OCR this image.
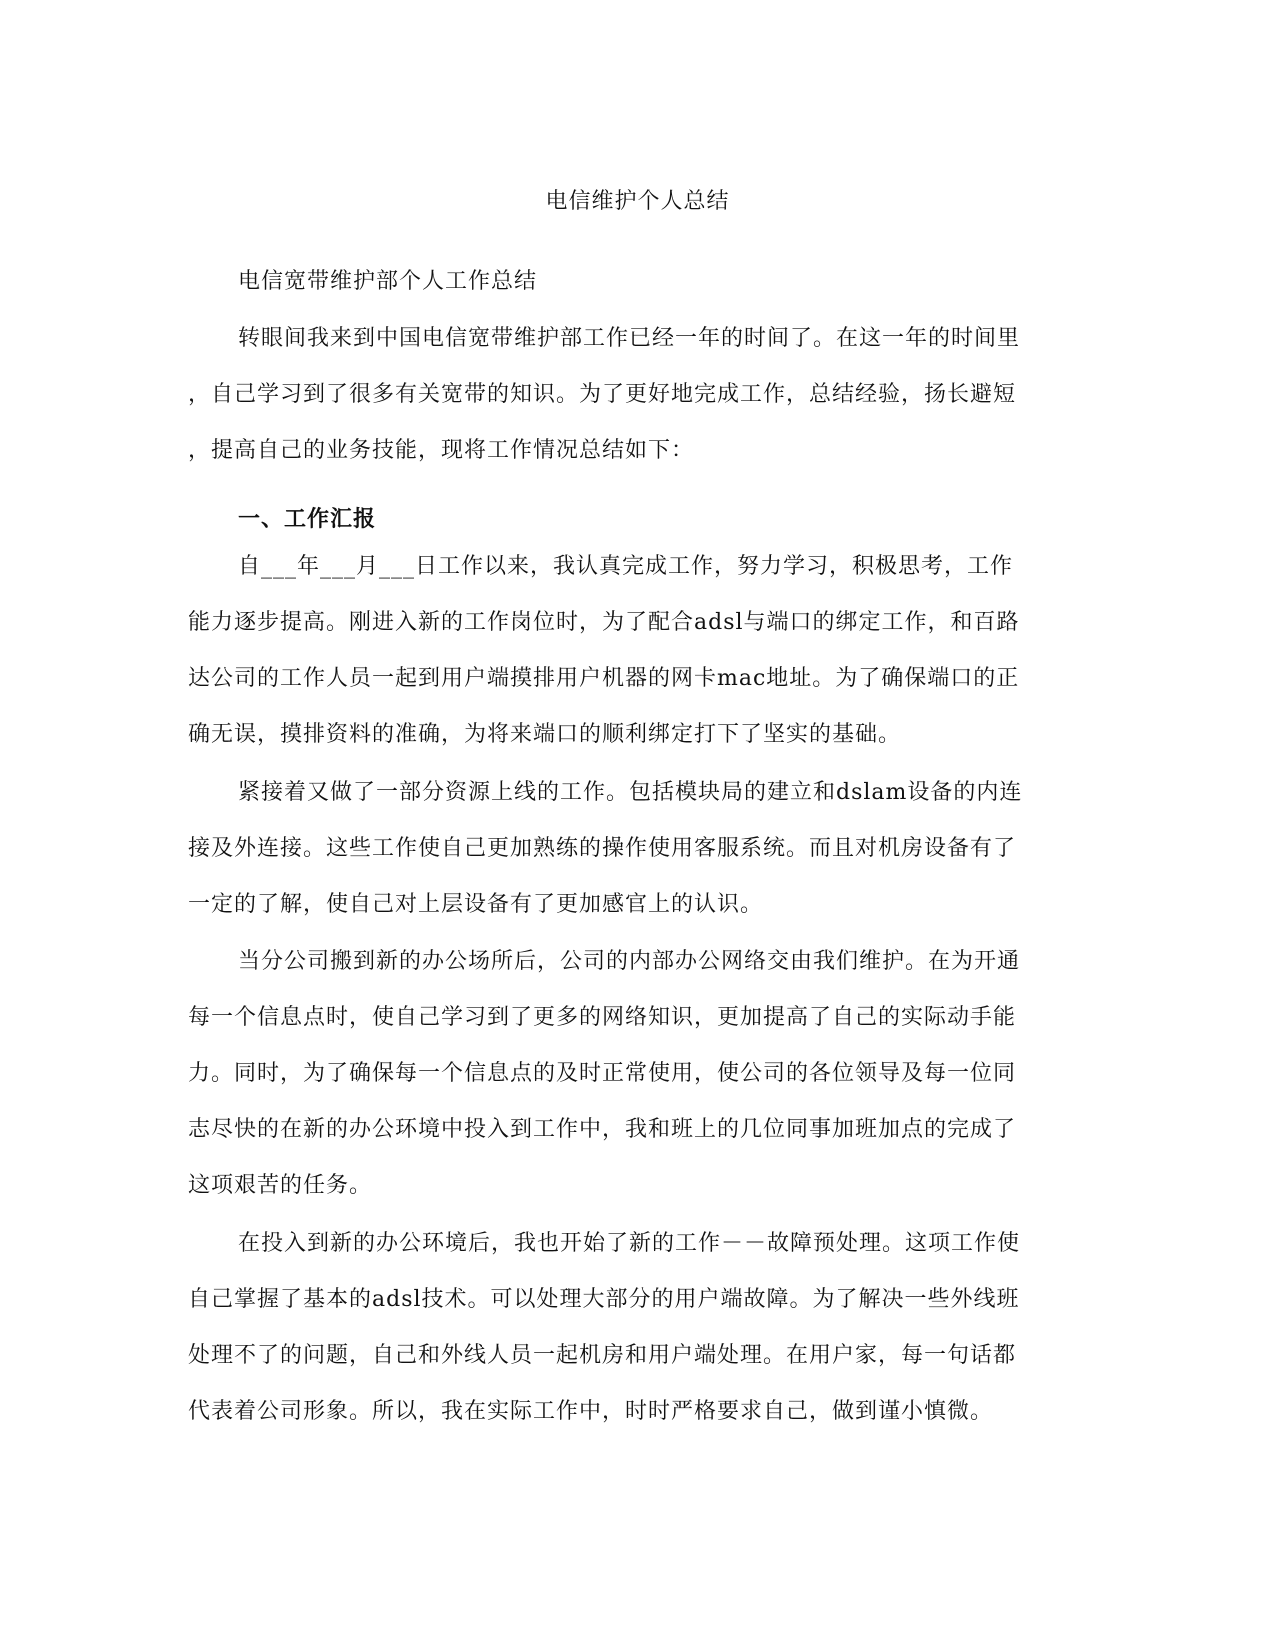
电信维护个人总结
电信宽带维护部个人工作总结
转眼间我来到中国电信宽带维护部工作已经一年的时间了。在这一年的时间里
，自己学习到了很多有关宽带的知识。为了更好地完成工作，总结经验，扬长避短
，提高自己的业务技能，现将工作情况总结如下：
一、工作汇报
自___年___月___日工作以来，我认真完成工作，努力学习，积极思考，工作
能力逐步提高。刚进入新的工作岗位时，为了配合adsl与端口的绑定工作，和百路
达公司的工作人员一起到用户端摸排用户机器的网卡mac地址。为了确保端口的正
确无误，摸排资料的准确，为将来端口的顺利绑定打下了坚实的基础。
紧接着又做了一部分资源上线的工作。包括模块局的建立和dslam设备的内连
接及外连接。这些工作使自己更加熟练的操作使用客服系统。而且对机房设备有了
一定的了解，使自己对上层设备有了更加感官上的认识。
当分公司搬到新的办公场所后，公司的内部办公网络交由我们维护。在为开通
每一个信息点时，使自己学习到了更多的网络知识，更加提高了自己的实际动手能
力。同时，为了确保每一个信息点的及时正常使用，使公司的各位领导及每一位同
志尽快的在新的办公环境中投入到工作中，我和班上的几位同事加班加点的完成了
这项艰苦的任务。
在投入到新的办公环境后，我也开始了新的工作－－故障预处理。这项工作使
自己掌握了基本的adsl技术。可以处理大部分的用户端故障。为了解决一些外线班
处理不了的问题，自己和外线人员一起机房和用户端处理。在用户家，每一句话都
代表着公司形象。所以，我在实际工作中，时时严格要求自己，做到谨小慎微。
